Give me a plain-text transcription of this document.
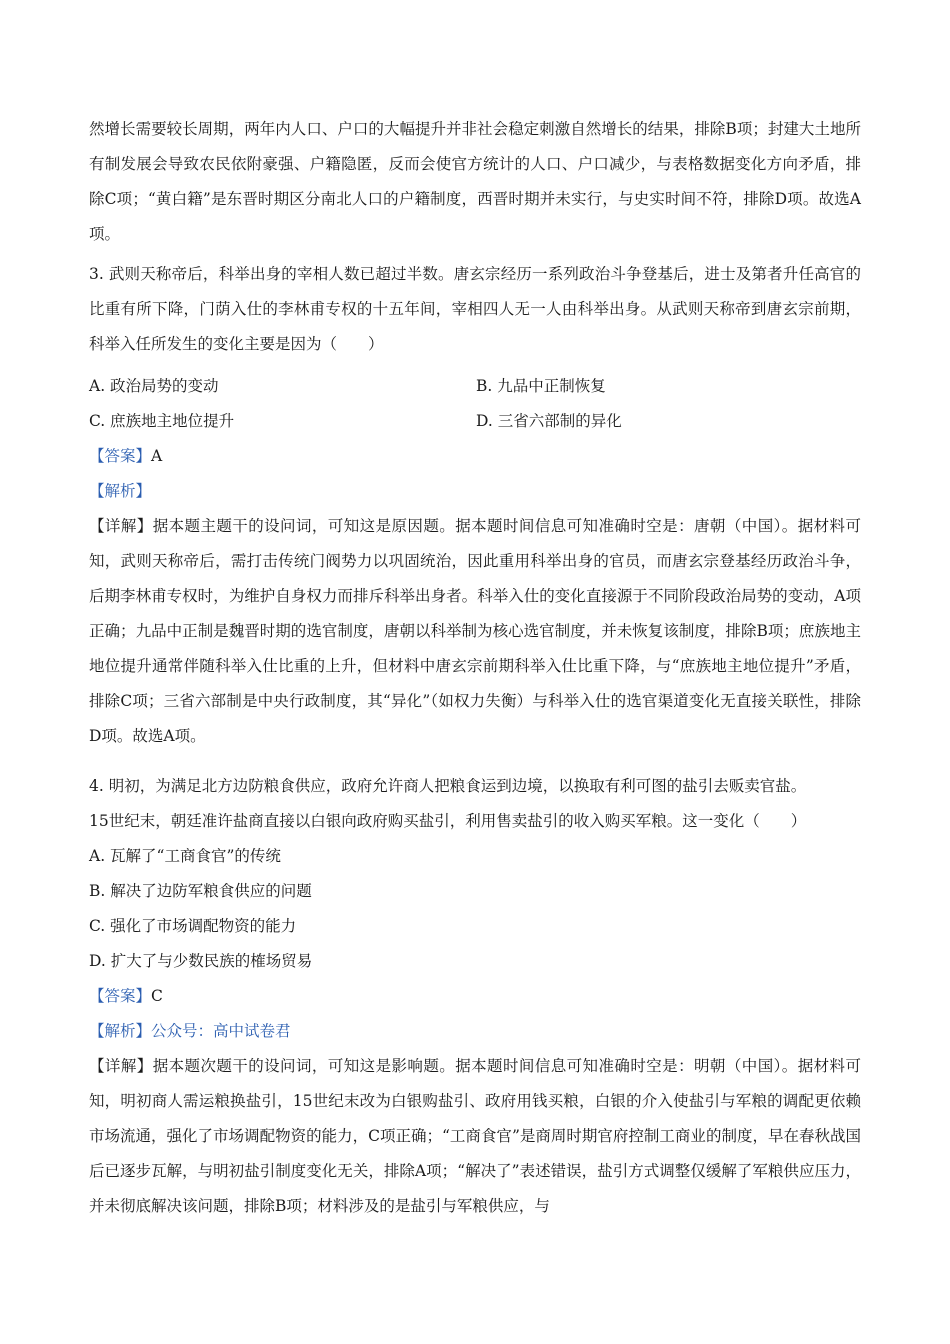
然增长需要较长周期，两年内人口、户口的大幅提升并非社会稳定刺激自然增长的结果，排除B项；封建大土地所有制发展会导致农民依附豪强、户籍隐匿，反而会使官方统计的人口、户口减少，与表格数据变化方向矛盾，排除C项；“黄白籍”是东晋时期区分南北人口的户籍制度，西晋时期并未实行，与史实时间不符，排除D项。故选A项。
3. 武则天称帝后，科举出身的宰相人数已超过半数。唐玄宗经历一系列政治斗争登基后，进士及第者升任高官的比重有所下降，门荫入仕的李林甫专权的十五年间，宰相四人无一人由科举出身。从武则天称帝到唐玄宗前期，科举入任所发生的变化主要是因为（　　）
A. 政治局势的变动	B. 九品中正制恢复
C. 庶族地主地位提升	D. 三省六部制的异化
【答案】A
【解析】
【详解】据本题主题干的设问词，可知这是原因题。据本题时间信息可知准确时空是：唐朝（中国）。据材料可知，武则天称帝后，需打击传统门阀势力以巩固统治，因此重用科举出身的官员，而唐玄宗登基经历政治斗争，后期李林甫专权时，为维护自身权力而排斥科举出身者。科举入仕的变化直接源于不同阶段政治局势的变动，A项正确；九品中正制是魏晋时期的选官制度，唐朝以科举制为核心选官制度，并未恢复该制度，排除B项；庶族地主地位提升通常伴随科举入仕比重的上升，但材料中唐玄宗前期科举入仕比重下降，与“庶族地主地位提升”矛盾，排除C项；三省六部制是中央行政制度，其“异化”（如权力失衡）与科举入仕的选官渠道变化无直接关联性，排除D项。故选A项。
4. 明初，为满足北方边防粮食供应，政府允许商人把粮食运到边境，以换取有利可图的盐引去贩卖官盐。
15世纪末，朝廷准许盐商直接以白银向政府购买盐引，利用售卖盐引的收入购买军粮。这一变化（　　）
A. 瓦解了“工商食官”的传统
B. 解决了边防军粮食供应的问题
C. 强化了市场调配物资的能力
D. 扩大了与少数民族的榷场贸易
【答案】C
【解析】公众号：高中试卷君
【详解】据本题次题干的设问词，可知这是影响题。据本题时间信息可知准确时空是：明朝（中国）。据材料可知，明初商人需运粮换盐引，15世纪末改为白银购盐引、政府用钱买粮，白银的介入使盐引与军粮的调配更依赖市场流通，强化了市场调配物资的能力，C项正确；“工商食官”是商周时期官府控制工商业的制度，早在春秋战国后已逐步瓦解，与明初盐引制度变化无关，排除A项；“解决了”表述错误，盐引方式调整仅缓解了军粮供应压力，并未彻底解决该问题，排除B项；材料涉及的是盐引与军粮供应，与
